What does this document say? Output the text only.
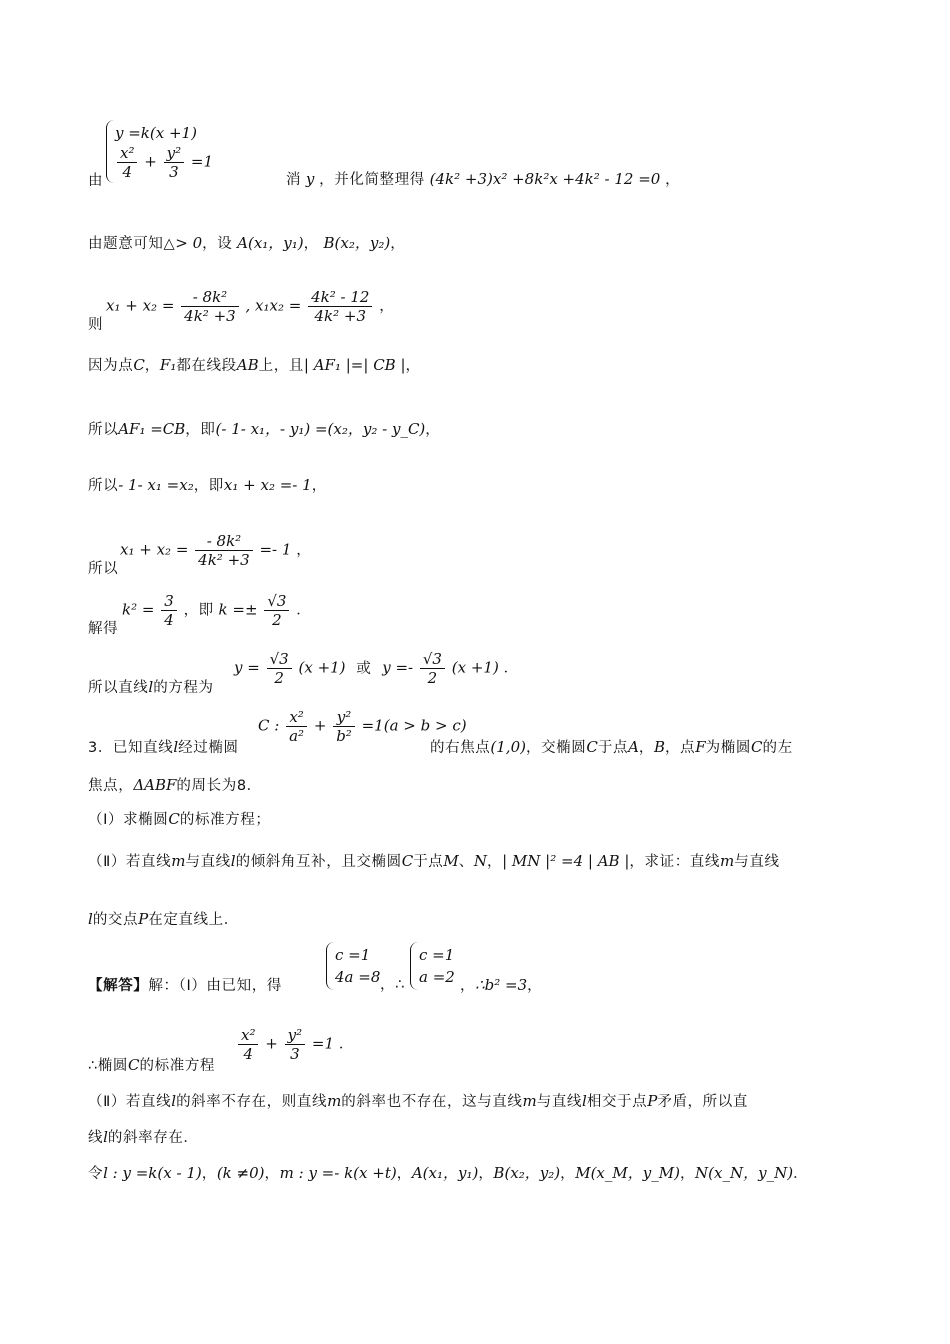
由
y =k(x +1)
$\frac{\text{x²}}{4} + \frac{\text{y²}}{3} =1$
消 y ，并化简整理得 (4k² +3)x² +8k²x +4k² - 12 =0 ，
由题意可知△> 0，设 A(x₁，y₁)， B(x₂，y₂)，
则
$x_1 + x_2 = \frac{\text{- 8k²}}{\text{4k² +3}}$ , $x_1x_2 = \frac{\text{4k² - 12}}{\text{4k² +3}}$ ，
因为点C，F₁都在线段AB上，且| AF₁ |=| CB |，
所以AF₁ =CB，即(- 1- x₁，- y₁) =(x₂，y₂ - y_C)，
所以- 1- x₁ =x₂，即x₁ + x₂ =- 1，
所以
$x_1 + x_2 = \frac{\text{- 8k²}}{\text{4k² +3}} =- 1$ ，
解得
$k^2 = \frac{3}{4}$ ，即 $k =\pm \frac{√3}{2}$ ．
所以直线l的方程为
$y = \frac{√3}{2} (x +1)$ 或 $y =- \frac{√3}{2} (x +1)$ ．
3．已知直线l经过椭圆
C : $\frac{\text{x²}}{\text{a²}} + \frac{\text{y²}}{\text{b²}} =1(a > b > c)$
的右焦点(1,0)，交椭圆C于点A，B，点F为椭圆C的左
焦点，ΔABF的周长为8．
（Ⅰ）求椭圆C的标准方程；
（Ⅱ）若直线m与直线l的倾斜角互补，且交椭圆C于点M、N，| MN |² =4 | AB |，求证：直线m与直线
l的交点P在定直线上．
【解答】解：（Ⅰ）由已知，得
c =1
4a =8 ，∴
c =1
a =2 ，∴b² =3，
∴椭圆C的标准方程
$\frac{\text{x²}}{4} + \frac{\text{y²}}{3} =1$ ．
（Ⅱ）若直线l的斜率不存在，则直线m的斜率也不存在，这与直线m与直线l相交于点P矛盾，所以直
线l的斜率存在．
令l : y =k(x - 1)，(k ≠0)，m : y =- k(x +t)，A(x₁，y₁)，B(x₂，y₂)，M(x_M，y_M)，N(x_N，y_N)．
